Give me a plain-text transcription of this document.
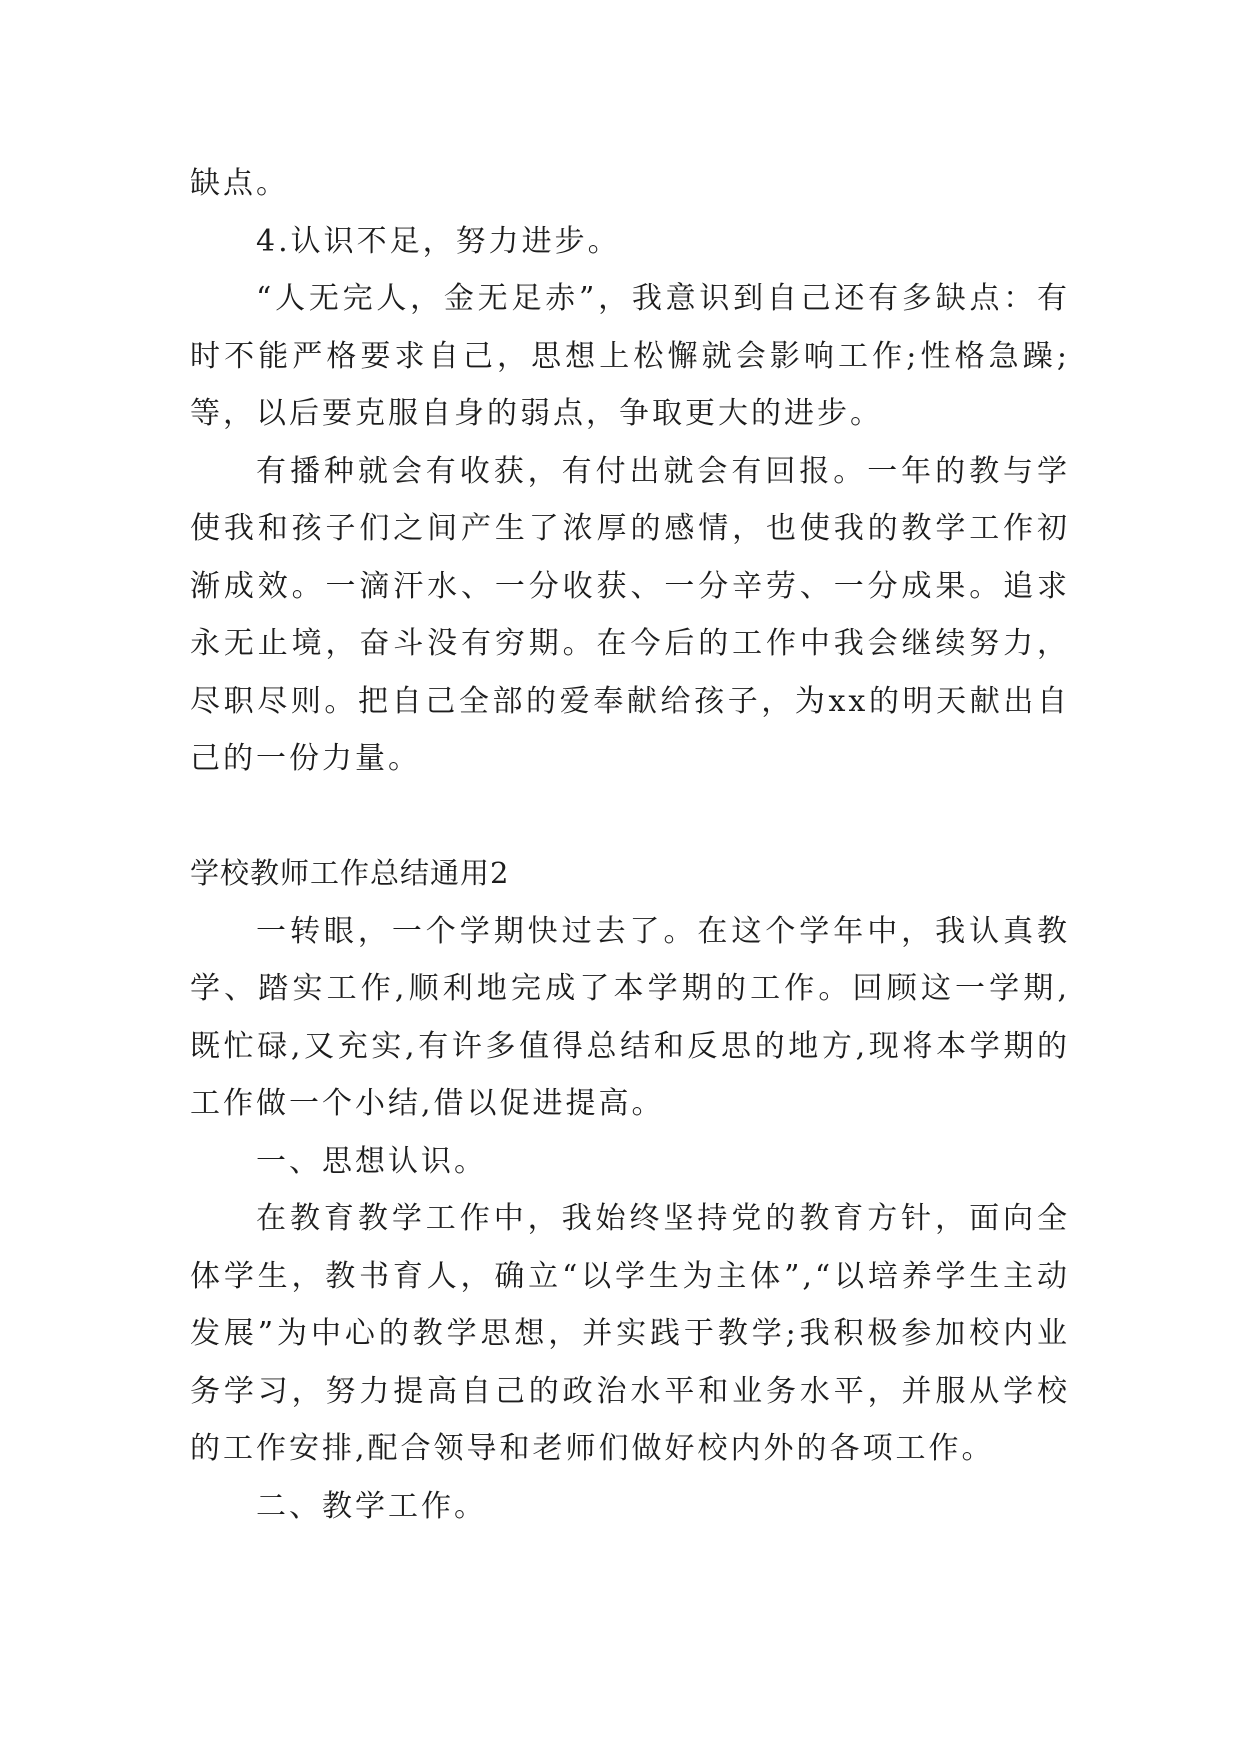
缺点。

4.认识不足，努力进步。

“人无完人，金无足赤”，我意识到自己还有多缺点：有时不能严格要求自己，思想上松懈就会影响工作;性格急躁;等，以后要克服自身的弱点，争取更大的进步。

有播种就会有收获，有付出就会有回报。一年的教与学使我和孩子们之间产生了浓厚的感情，也使我的教学工作初渐成效。一滴汗水、一分收获、一分辛劳、一分成果。追求永无止境，奋斗没有穷期。在今后的工作中我会继续努力，尽职尽则。把自己全部的爱奉献给孩子，为xx的明天献出自己的一份力量。

学校教师工作总结通用2

一转眼，一个学期快过去了。在这个学年中，我认真教学、踏实工作,顺利地完成了本学期的工作。回顾这一学期,既忙碌,又充实,有许多值得总结和反思的地方,现将本学期的工作做一个小结,借以促进提高。

一、思想认识。

在教育教学工作中，我始终坚持党的教育方针，面向全体学生，教书育人，确立“以学生为主体”,“以培养学生主动发展”为中心的教学思想，并实践于教学;我积极参加校内业务学习，努力提高自己的政治水平和业务水平，并服从学校的工作安排,配合领导和老师们做好校内外的各项工作。

二、教学工作。
